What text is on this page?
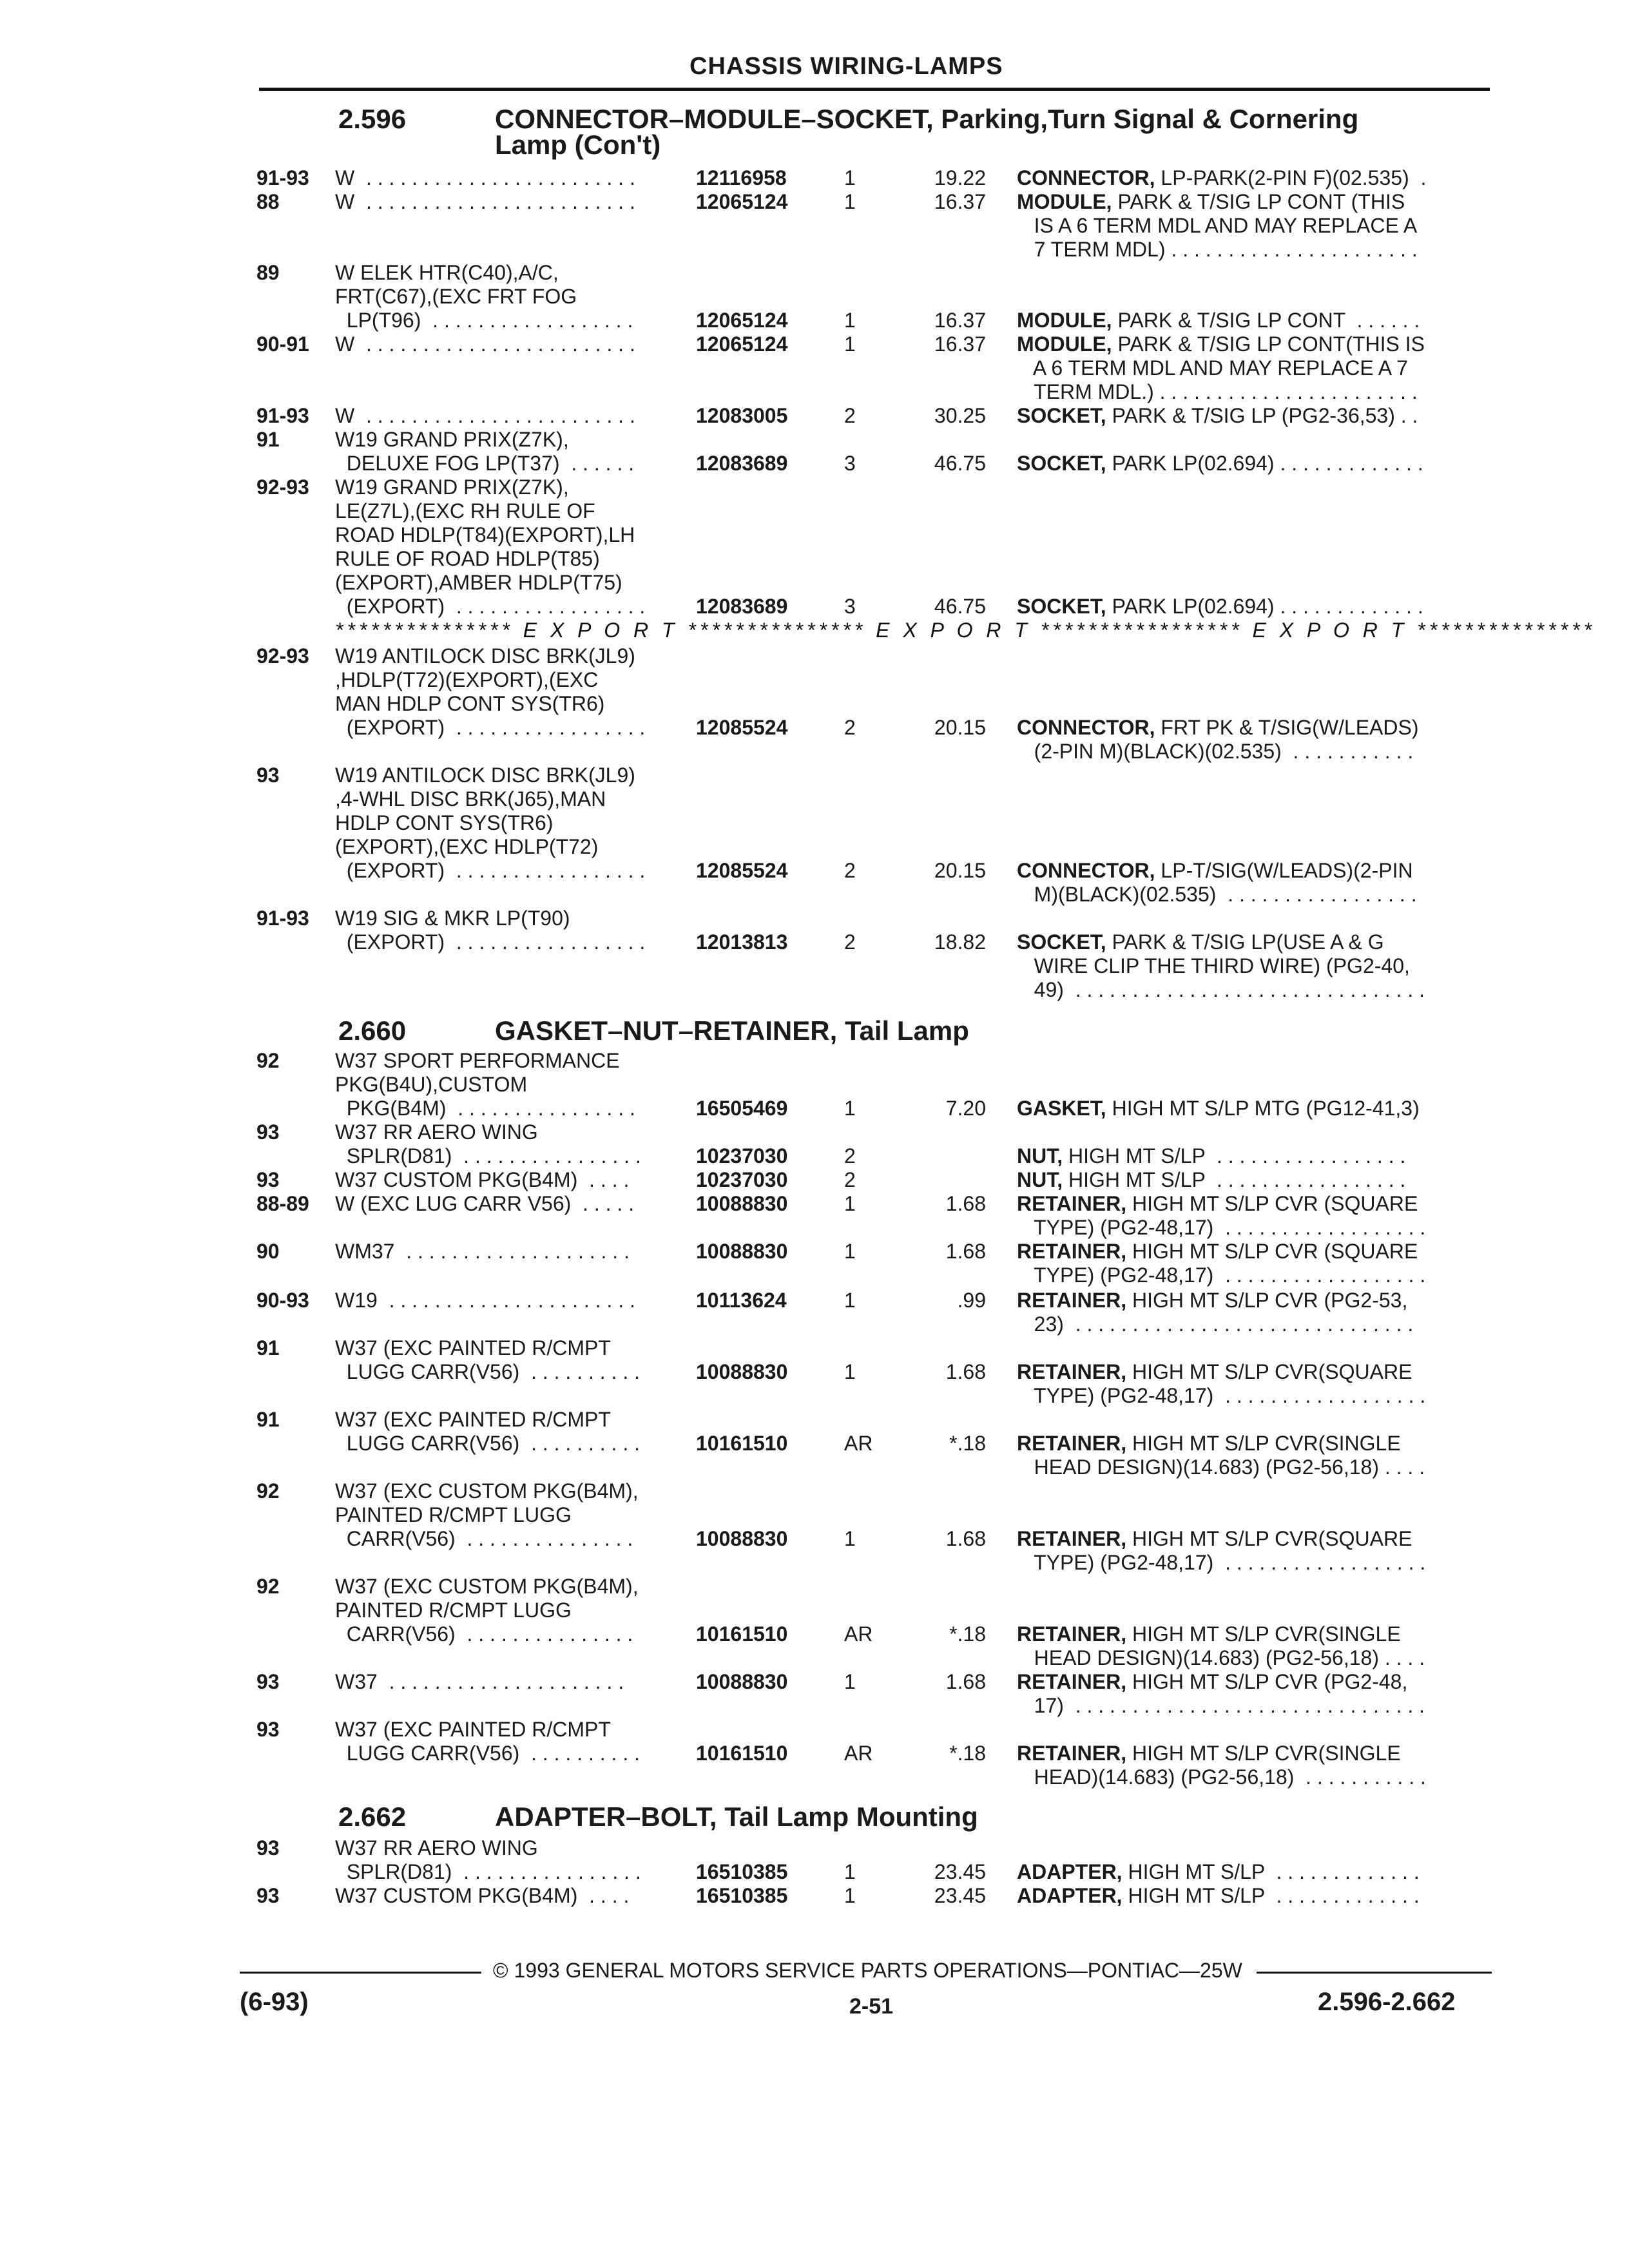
CHASSIS WIRING-LAMPS
2.596	CONNECTOR–MODULE–SOCKET, Parking,Turn Signal & Cornering
Lamp (Con't)
2.660	GASKET–NUT–RETAINER, Tail Lamp
2.662	ADAPTER–BOLT, Tail Lamp Mounting
*************** E X P O R T *************** E X P O R T ***************** E X P O R T ***************
91-93 W  . . . . . . . . . . . . . . . . . . . . . . . .	12116958	1	19.22 CONNECTOR, LP-PARK(2-PIN F)(02.535)  .
88	W  . . . . . . . . . . . . . . . . . . . . . . . .	12065124	1	16.37 MODULE, PARK & T/SIG LP CONT (THIS
IS A 6 TERM MDL AND MAY REPLACE A
7 TERM MDL) . . . . . . . . . . . . . . . . . . . . . .
89	W ELEK HTR(C40),A/C,
FRT(C67),(EXC FRT FOG
LP(T96)  . . . . . . . . . . . . . . . . . .	12065124	1	16.37 MODULE, PARK & T/SIG LP CONT  . . . . . .
90-91 W  . . . . . . . . . . . . . . . . . . . . . . . .	12065124	1	16.37 MODULE, PARK & T/SIG LP CONT(THIS IS
A 6 TERM MDL AND MAY REPLACE A 7
TERM MDL.) . . . . . . . . . . . . . . . . . . . . . . .
91-93 W  . . . . . . . . . . . . . . . . . . . . . . . .	12083005	2	30.25 SOCKET, PARK & T/SIG LP (PG2-36,53) . .
91	W19 GRAND PRIX(Z7K),
DELUXE FOG LP(T37)  . . . . . .	12083689	3	46.75 SOCKET, PARK LP(02.694) . . . . . . . . . . . . .
92-93 W19 GRAND PRIX(Z7K),
LE(Z7L),(EXC RH RULE OF
ROAD HDLP(T84)(EXPORT),LH
RULE OF ROAD HDLP(T85)
(EXPORT),AMBER HDLP(T75)
(EXPORT)  . . . . . . . . . . . . . . . . . 12083689	3	46.75 SOCKET, PARK LP(02.694) . . . . . . . . . . . . .
92-93 W19 ANTILOCK DISC BRK(JL9)
,HDLP(T72)(EXPORT),(EXC
MAN HDLP CONT SYS(TR6)
(EXPORT)  . . . . . . . . . . . . . . . . . 12085524	2	20.15 CONNECTOR, FRT PK & T/SIG(W/LEADS)
(2-PIN M)(BLACK)(02.535)  . . . . . . . . . . .
93	W19 ANTILOCK DISC BRK(JL9)
,4-WHL DISC BRK(J65),MAN
HDLP CONT SYS(TR6)
(EXPORT),(EXC HDLP(T72)
(EXPORT)  . . . . . . . . . . . . . . . . . 12085524	2	20.15 CONNECTOR, LP-T/SIG(W/LEADS)(2-PIN
M)(BLACK)(02.535)  . . . . . . . . . . . . . . . . .
91-93 W19 SIG & MKR LP(T90)
(EXPORT)  . . . . . . . . . . . . . . . . . 12013813	2	18.82 SOCKET, PARK & T/SIG LP(USE A & G
WIRE CLIP THE THIRD WIRE) (PG2-40,
49)  . . . . . . . . . . . . . . . . . . . . . . . . . . . . . . .
92	W37 SPORT PERFORMANCE
PKG(B4U),CUSTOM
PKG(B4M)  . . . . . . . . . . . . . . . .	16505469	1	7.20 GASKET, HIGH MT S/LP MTG (PG12-41,3)
93	W37 RR AERO WING
SPLR(D81)  . . . . . . . . . . . . . . . .	10237030	2	NUT, HIGH MT S/LP  . . . . . . . . . . . . . . . . .
93	W37 CUSTOM PKG(B4M)  . . . .	10237030	2	NUT, HIGH MT S/LP  . . . . . . . . . . . . . . . . .
88-89 W (EXC LUG CARR V56)  . . . . .	10088830	1	1.68 RETAINER, HIGH MT S/LP CVR (SQUARE
TYPE) (PG2-48,17)  . . . . . . . . . . . . . . . . . .
90	WM37  . . . . . . . . . . . . . . . . . . . .	10088830	1	1.68 RETAINER, HIGH MT S/LP CVR (SQUARE
TYPE) (PG2-48,17)  . . . . . . . . . . . . . . . . . .
90-93 W19  . . . . . . . . . . . . . . . . . . . . . .	10113624	1	.99 RETAINER, HIGH MT S/LP CVR (PG2-53,
23)  . . . . . . . . . . . . . . . . . . . . . . . . . . . . . .
91	W37 (EXC PAINTED R/CMPT
LUGG CARR(V56)  . . . . . . . . . .	10088830	1	1.68 RETAINER, HIGH MT S/LP CVR(SQUARE
TYPE) (PG2-48,17)  . . . . . . . . . . . . . . . . . .
91	W37 (EXC PAINTED R/CMPT
LUGG CARR(V56)  . . . . . . . . . .	10161510	AR	*.18 RETAINER, HIGH MT S/LP CVR(SINGLE
HEAD DESIGN)(14.683) (PG2-56,18) . . . .
92	W37 (EXC CUSTOM PKG(B4M),
PAINTED R/CMPT LUGG
CARR(V56)  . . . . . . . . . . . . . . .	10088830	1	1.68 RETAINER, HIGH MT S/LP CVR(SQUARE
TYPE) (PG2-48,17)  . . . . . . . . . . . . . . . . . .
92	W37 (EXC CUSTOM PKG(B4M),
PAINTED R/CMPT LUGG
CARR(V56)  . . . . . . . . . . . . . . .	10161510	AR	*.18 RETAINER, HIGH MT S/LP CVR(SINGLE
HEAD DESIGN)(14.683) (PG2-56,18) . . . .
93	W37  . . . . . . . . . . . . . . . . . . . . .	10088830	1	1.68 RETAINER, HIGH MT S/LP CVR (PG2-48,
17)  . . . . . . . . . . . . . . . . . . . . . . . . . . . . . . .
93	W37 (EXC PAINTED R/CMPT
LUGG CARR(V56)  . . . . . . . . . .	10161510	AR	*.18 RETAINER, HIGH MT S/LP CVR(SINGLE
HEAD)(14.683) (PG2-56,18)  . . . . . . . . . . .
93	W37 RR AERO WING
SPLR(D81)  . . . . . . . . . . . . . . . .	16510385	1	23.45 ADAPTER, HIGH MT S/LP  . . . . . . . . . . . . .
93	W37 CUSTOM PKG(B4M)  . . . .	16510385	1	23.45 ADAPTER, HIGH MT S/LP  . . . . . . . . . . . . .
© 1993 GENERAL MOTORS SERVICE PARTS OPERATIONS—PONTIAC—25W
(6-93)	2-51	2.596-2.662
